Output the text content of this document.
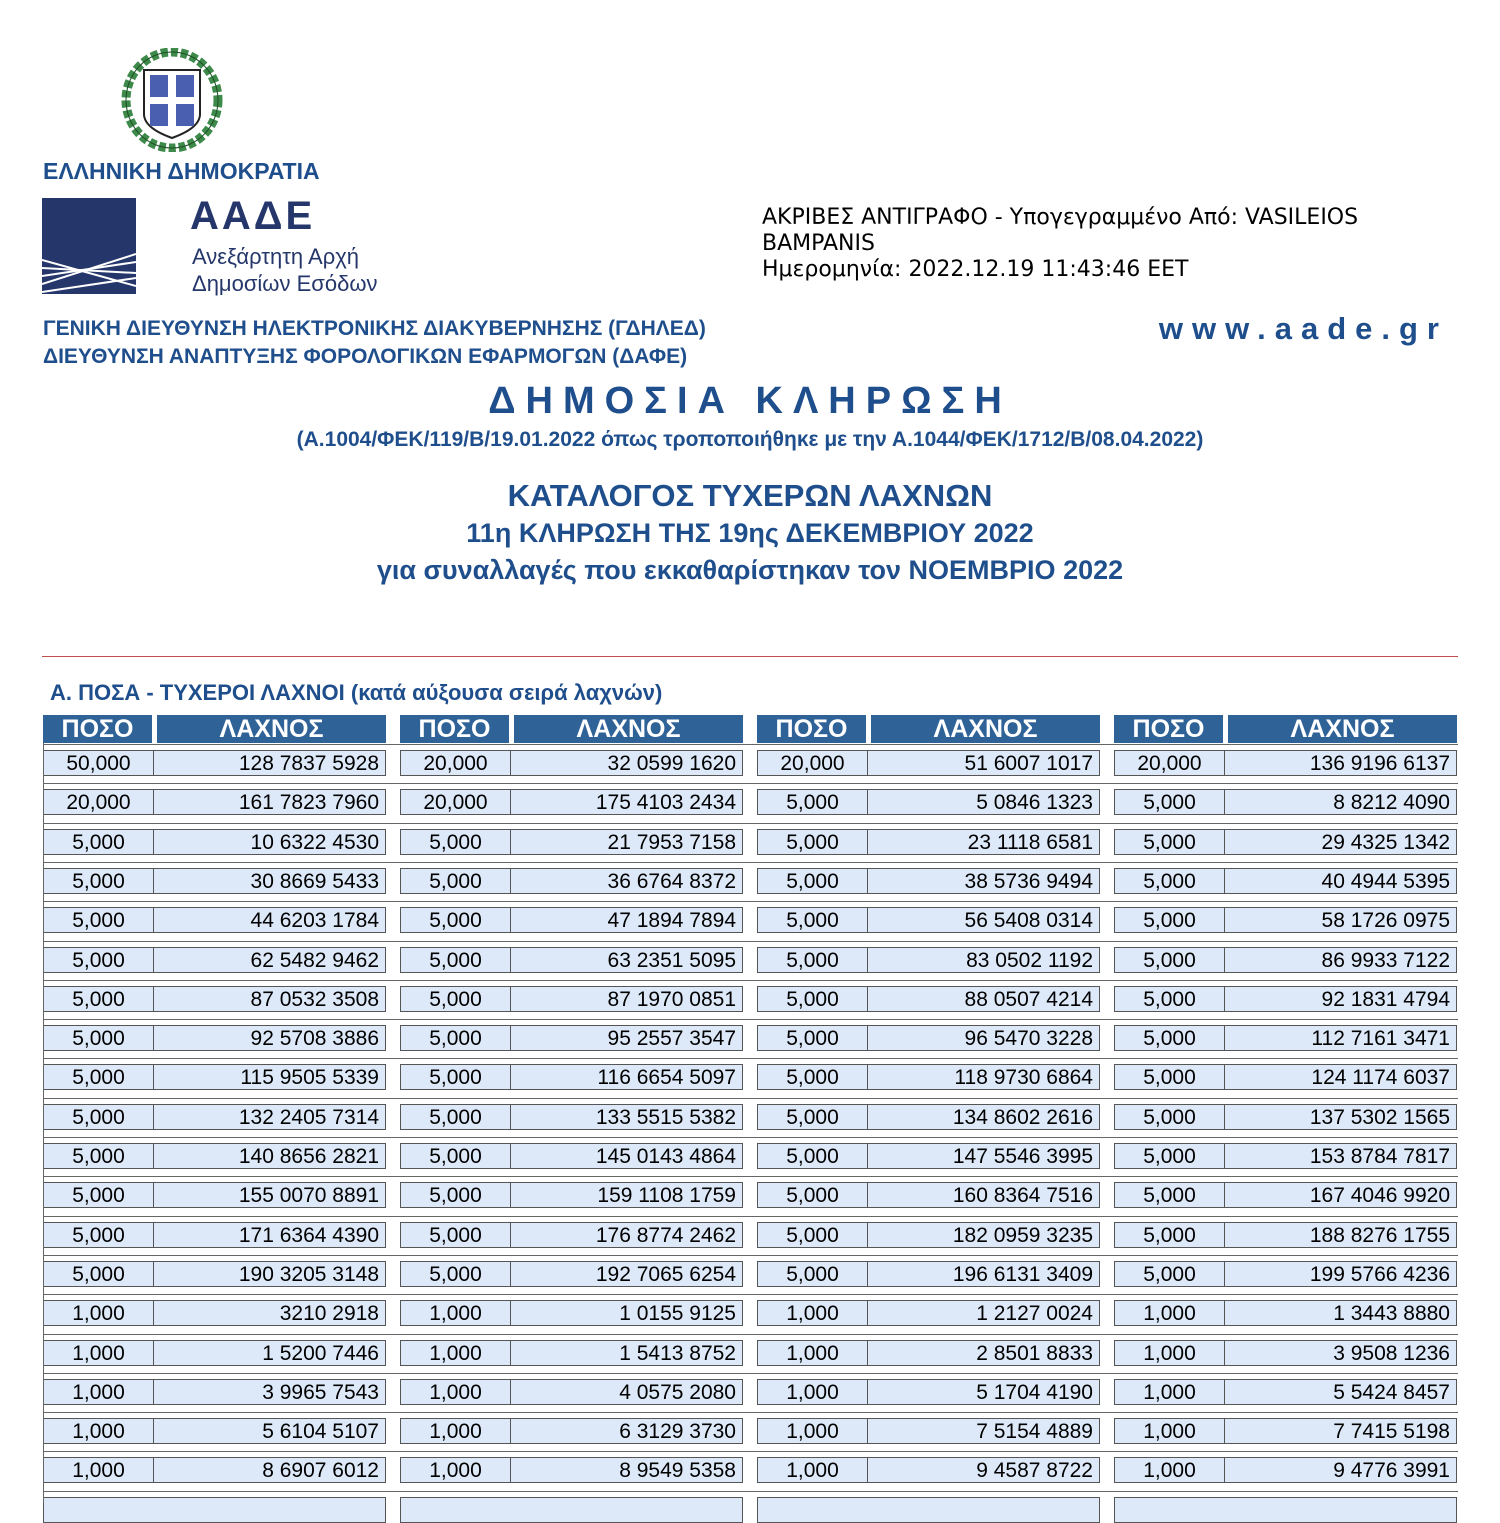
ΕΛΛΗΝΙΚΗ ΔΗΜΟΚΡΑΤΙΑ
ΑΑΔΕ
Ανεξάρτητη Αρχή
Δημοσίων Εσόδων
ΑΚΡΙΒΕΣ ΑΝΤΙΓΡΑΦΟ - Υπογεγραμμένο Από: VASILEIOS
BAMPANIS
Ημερομηνία: 2022.12.19 11:43:46 EET
ΓΕΝΙΚΗ ΔΙΕΥΘΥΝΣΗ ΗΛΕΚΤΡΟΝΙΚΗΣ ΔΙΑΚΥΒΕΡΝΗΣΗΣ (ΓΔΗΛΕΔ)
ΔΙΕΥΘΥΝΣΗ ΑΝΑΠΤΥΞΗΣ ΦΟΡΟΛΟΓΙΚΩΝ ΕΦΑΡΜΟΓΩΝ (ΔΑΦΕ)
www.aade.gr
ΔΗΜΟΣΙΑ ΚΛΗΡΩΣΗ
(Α.1004/ΦΕΚ/119/Β/19.01.2022 όπως τροποποιήθηκε με την Α.1044/ΦΕΚ/1712/Β/08.04.2022)
ΚΑΤΑΛΟΓΟΣ ΤΥΧΕΡΩΝ ΛΑΧΝΩΝ
11η ΚΛΗΡΩΣΗ ΤΗΣ 19ης ΔΕΚΕΜΒΡΙΟΥ 2022
για συναλλαγές που εκκαθαρίστηκαν τον ΝΟΕΜΒΡΙΟ 2022
Α. ΠΟΣΑ - ΤΥΧΕΡΟΙ ΛΑΧΝΟΙ (κατά αύξουσα σειρά λαχνών)
ΠΟΣΟ	ΛΑΧΝΟΣ	ΠΟΣΟ	ΛΑΧΝΟΣ	ΠΟΣΟ	ΛΑΧΝΟΣ	ΠΟΣΟ	ΛΑΧΝΟΣ
50,000	128 7837 5928	20,000	32 0599 1620	20,000	51 6007 1017	20,000	136 9196 6137
20,000	161 7823 7960	20,000	175 4103 2434	5,000	5 0846 1323	5,000	8 8212 4090
5,000	10 6322 4530	5,000	21 7953 7158	5,000	23 1118 6581	5,000	29 4325 1342
5,000	30 8669 5433	5,000	36 6764 8372	5,000	38 5736 9494	5,000	40 4944 5395
5,000	44 6203 1784	5,000	47 1894 7894	5,000	56 5408 0314	5,000	58 1726 0975
5,000	62 5482 9462	5,000	63 2351 5095	5,000	83 0502 1192	5,000	86 9933 7122
5,000	87 0532 3508	5,000	87 1970 0851	5,000	88 0507 4214	5,000	92 1831 4794
5,000	92 5708 3886	5,000	95 2557 3547	5,000	96 5470 3228	5,000	112 7161 3471
5,000	115 9505 5339	5,000	116 6654 5097	5,000	118 9730 6864	5,000	124 1174 6037
5,000	132 2405 7314	5,000	133 5515 5382	5,000	134 8602 2616	5,000	137 5302 1565
5,000	140 8656 2821	5,000	145 0143 4864	5,000	147 5546 3995	5,000	153 8784 7817
5,000	155 0070 8891	5,000	159 1108 1759	5,000	160 8364 7516	5,000	167 4046 9920
5,000	171 6364 4390	5,000	176 8774 2462	5,000	182 0959 3235	5,000	188 8276 1755
5,000	190 3205 3148	5,000	192 7065 6254	5,000	196 6131 3409	5,000	199 5766 4236
1,000	3210 2918	1,000	1 0155 9125	1,000	1 2127 0024	1,000	1 3443 8880
1,000	1 5200 7446	1,000	1 5413 8752	1,000	2 8501 8833	1,000	3 9508 1236
1,000	3 9965 7543	1,000	4 0575 2080	1,000	5 1704 4190	1,000	5 5424 8457
1,000	5 6104 5107	1,000	6 3129 3730	1,000	7 5154 4889	1,000	7 7415 5198
1,000	8 6907 6012	1,000	8 9549 5358	1,000	9 4587 8722	1,000	9 4776 3991
